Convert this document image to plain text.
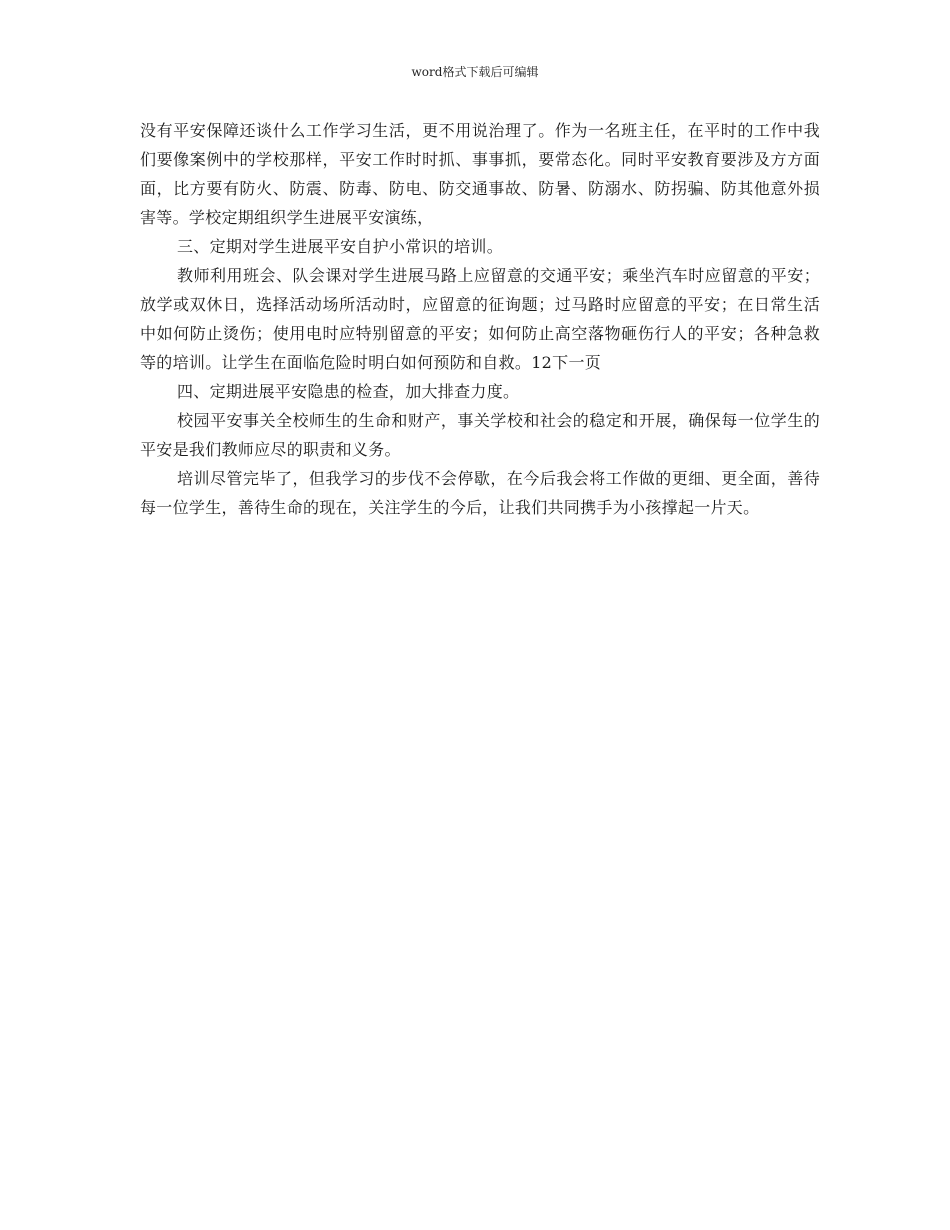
word格式下载后可编辑

没有平安保障还谈什么工作学习生活，更不用说治理了。作为一名班主任，在平时的工作中我们要像案例中的学校那样，平安工作时时抓、事事抓，要常态化。同时平安教育要涉及方方面面，比方要有防火、防震、防毒、防电、防交通事故、防暑、防溺水、防拐骗、防其他意外损害等。学校定期组织学生进展平安演练，

三、定期对学生进展平安自护小常识的培训。

教师利用班会、队会课对学生进展马路上应留意的交通平安；乘坐汽车时应留意的平安；放学或双休日，选择活动场所活动时，应留意的征询题；过马路时应留意的平安；在日常生活中如何防止烫伤；使用电时应特别留意的平安；如何防止高空落物砸伤行人的平安；各种急救等的培训。让学生在面临危险时明白如何预防和自救。12下一页

四、定期进展平安隐患的检查，加大排查力度。

校园平安事关全校师生的生命和财产，事关学校和社会的稳定和开展，确保每一位学生的平安是我们教师应尽的职责和义务。

培训尽管完毕了，但我学习的步伐不会停歇，在今后我会将工作做的更细、更全面，善待每一位学生，善待生命的现在，关注学生的今后，让我们共同携手为小孩撑起一片天。
